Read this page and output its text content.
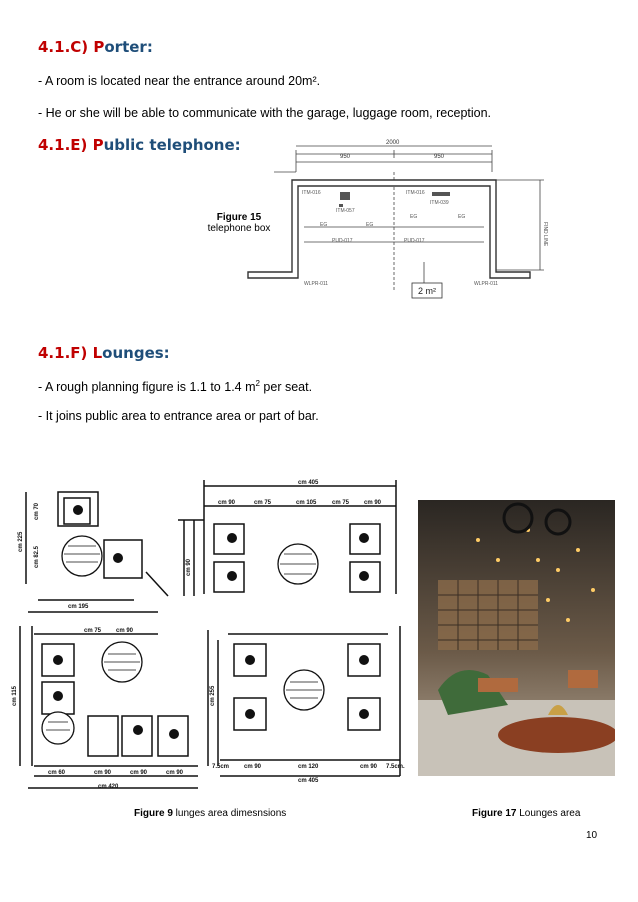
4.1.C) Porter:
- A room is located near the entrance around 20m².
- He or she will be able to communicate with the garage, luggage room, reception.
4.1.E) Public telephone:
Figure 15
telephone box
ITM-016	ITM-016
ITM-039
ITM-057
EG	EG
EG	EG
PUD-017	PUD-017
WLPR-011	WLPR-011
FIND LINE
2000
950	950
2 m²
4.1.F) Lounges:
- A rough planning figure is 1.1 to 1.4 $m^2$ per seat.
- It joins public area to entrance area or part of bar.
cm 405
cm 90	cm 75	cm 105	cm 75 cm 90
cm 225
cm 82.5
cm 70
cm 195
cm 75 cm 90
cm 60	cm 90	cm 90	cm 90
cm 420
7.5cm cm 90	cm 120	cm 90 7.5cm.
cm 405
cm 90
cm 255
cm 115
Figure 9 lunges area dimesnsions	Figure 17 Lounges area
10
